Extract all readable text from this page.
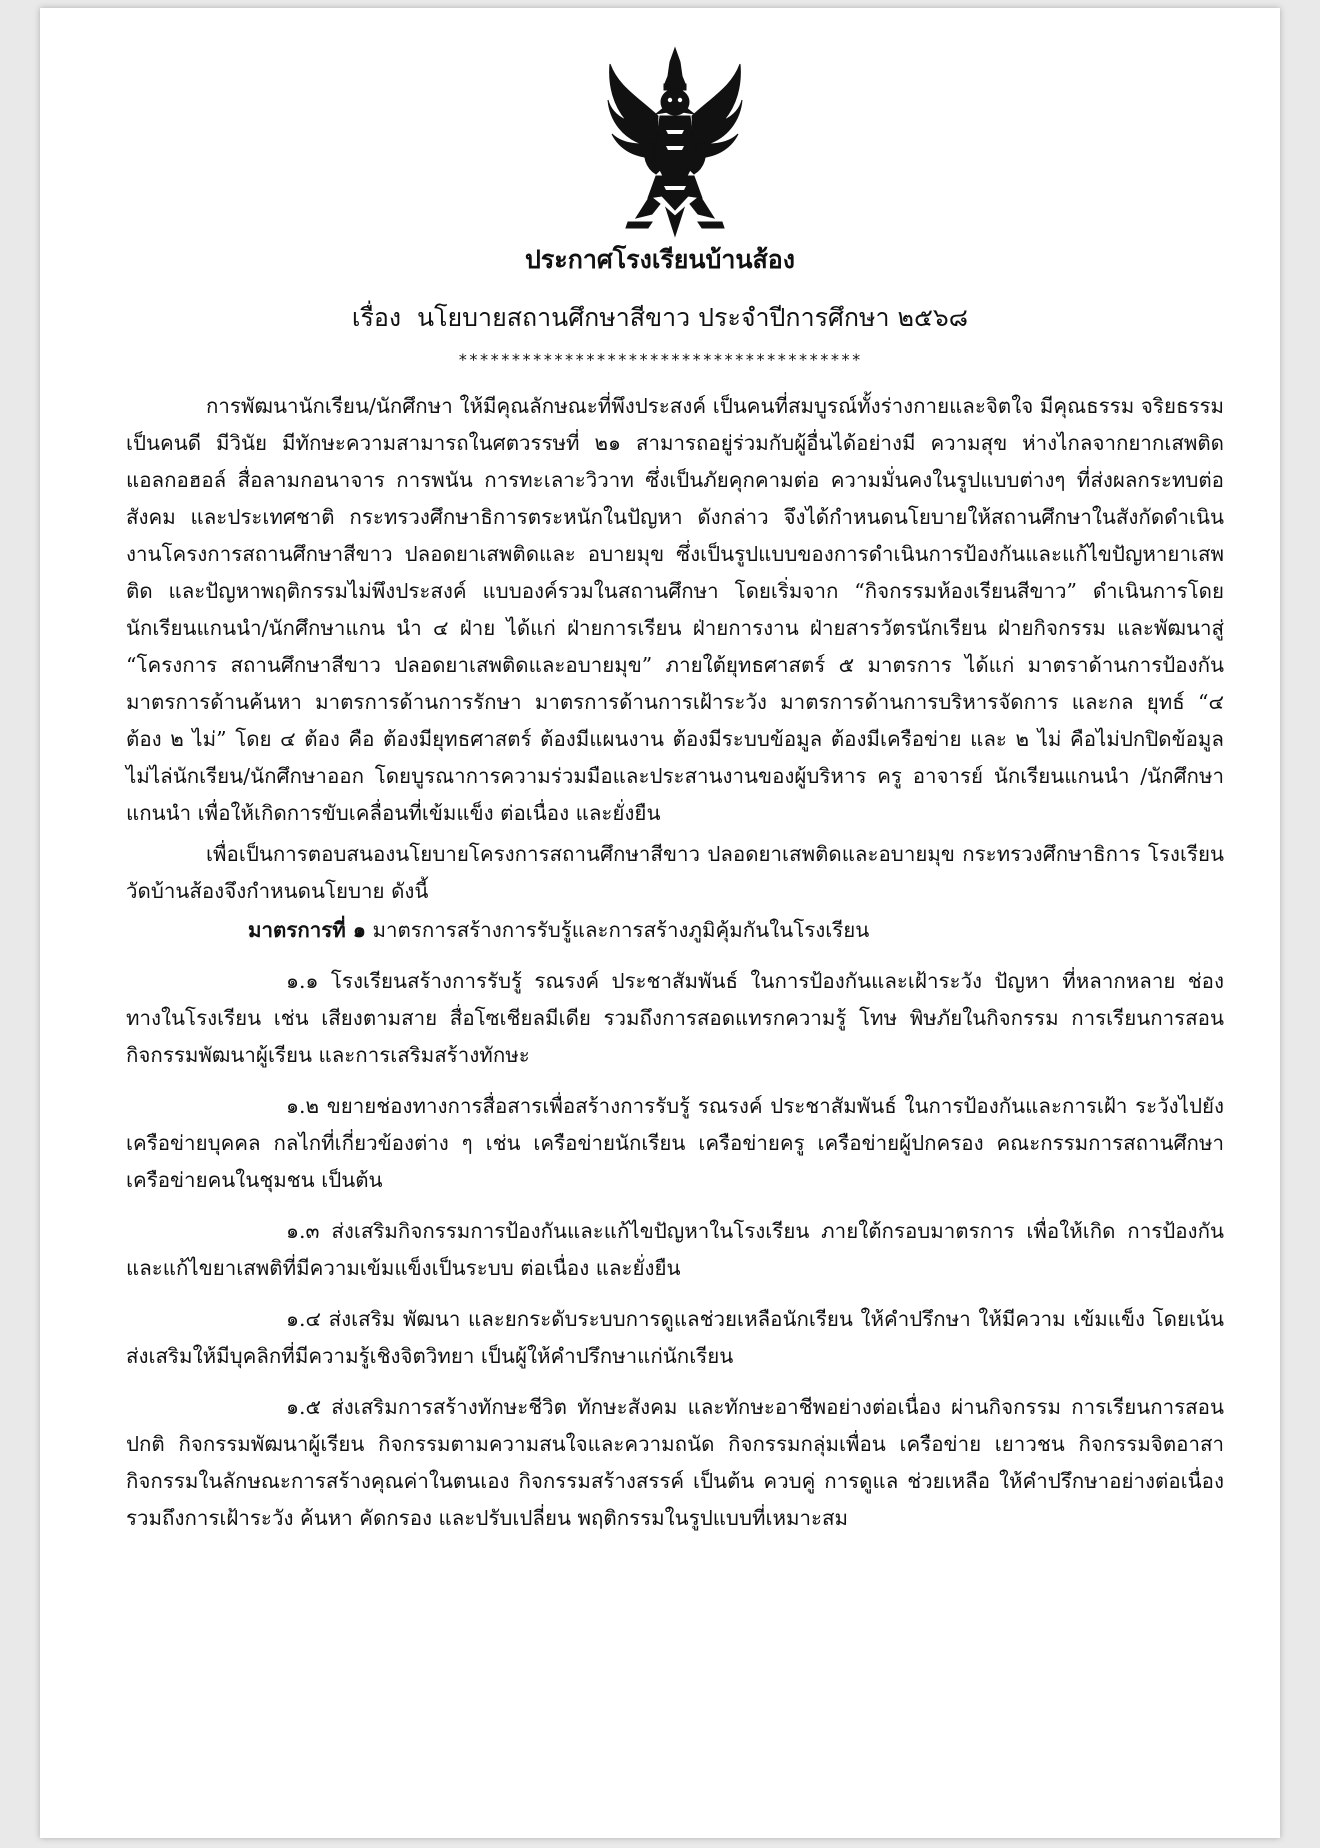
ประกาศโรงเรียนบ้านส้อง
เรื่อง  นโยบายสถานศึกษาสีขาว ประจำปีการศึกษา ๒๕๖๘
**************************************

การพัฒนานักเรียน/นักศึกษา ให้มีคุณลักษณะที่พึงประสงค์ เป็นคนที่สมบูรณ์ทั้งร่างกายและจิตใจ มีคุณธรรม จริยธรรม เป็นคนดี มีวินัย มีทักษะความสามารถในศตวรรษที่ ๒๑ สามารถอยู่ร่วมกับผู้อื่นได้อย่างมี ความสุข ห่างไกลจากยากเสพติด แอลกอฮอล์ สื่อลามกอนาจาร การพนัน การทะเลาะวิวาท ซึ่งเป็นภัยคุกคามต่อ ความมั่นคงในรูปแบบต่างๆ ที่ส่งผลกระทบต่อสังคม และประเทศชาติ กระทรวงศึกษาธิการตระหนักในปัญหา ดังกล่าว จึงได้กำหนดนโยบายให้สถานศึกษาในสังกัดดำเนินงานโครงการสถานศึกษาสีขาว ปลอดยาเสพติดและ อบายมุข ซึ่งเป็นรูปแบบของการดำเนินการป้องกันและแก้ไขปัญหายาเสพติด และปัญหาพฤติกรรมไม่พึงประสงค์ แบบองค์รวมในสถานศึกษา โดยเริ่มจาก “กิจกรรมห้องเรียนสีขาว” ดำเนินการโดยนักเรียนแกนนำ/นักศึกษาแกน นำ ๔ ฝ่าย ได้แก่ ฝ่ายการเรียน ฝ่ายการงาน ฝ่ายสารวัตรนักเรียน ฝ่ายกิจกรรม และพัฒนาสู่ “โครงการ สถานศึกษาสีขาว ปลอดยาเสพติดและอบายมุข” ภายใต้ยุทธศาสตร์ ๕ มาตรการ ได้แก่ มาตราด้านการป้องกัน มาตรการด้านค้นหา มาตรการด้านการรักษา มาตรการด้านการเฝ้าระวัง มาตรการด้านการบริหารจัดการ และกล ยุทธ์ “๔ ต้อง ๒ ไม่” โดย ๔ ต้อง คือ ต้องมียุทธศาสตร์ ต้องมีแผนงาน ต้องมีระบบข้อมูล ต้องมีเครือข่าย และ ๒ ไม่ คือไม่ปกปิดข้อมูล ไม่ไล่นักเรียน/นักศึกษาออก โดยบูรณาการความร่วมมือและประสานงานของผู้บริหาร ครู อาจารย์ นักเรียนแกนนำ /นักศึกษาแกนนำ เพื่อให้เกิดการขับเคลื่อนที่เข้มแข็ง ต่อเนื่อง และยั่งยืน

เพื่อเป็นการตอบสนองนโยบายโครงการสถานศึกษาสีขาว ปลอดยาเสพติดและอบายมุข กระทรวงศึกษาธิการ โรงเรียนวัดบ้านส้องจึงกำหนดนโยบาย ดังนี้

มาตรการที่ ๑ มาตรการสร้างการรับรู้และการสร้างภูมิคุ้มกันในโรงเรียน

๑.๑ โรงเรียนสร้างการรับรู้ รณรงค์ ประชาสัมพันธ์ ในการป้องกันและเฝ้าระวัง ปัญหา ที่หลากหลาย ช่องทางในโรงเรียน เช่น เสียงตามสาย สื่อโซเชียลมีเดีย รวมถึงการสอดแทรกความรู้ โทษ พิษภัยในกิจกรรม การเรียนการสอน กิจกรรมพัฒนาผู้เรียน และการเสริมสร้างทักษะ

๑.๒ ขยายช่องทางการสื่อสารเพื่อสร้างการรับรู้ รณรงค์ ประชาสัมพันธ์ ในการป้องกันและการเฝ้า ระวังไปยังเครือข่ายบุคคล กลไกที่เกี่ยวข้องต่าง ๆ เช่น เครือข่ายนักเรียน เครือข่ายครู เครือข่ายผู้ปกครอง คณะกรรมการสถานศึกษา เครือข่ายคนในชุมชน เป็นต้น

๑.๓ ส่งเสริมกิจกรรมการป้องกันและแก้ไขปัญหาในโรงเรียน ภายใต้กรอบมาตรการ เพื่อให้เกิด การป้องกันและแก้ไขยาเสพติที่มีความเข้มแข็งเป็นระบบ ต่อเนื่อง และยั่งยืน

๑.๔ ส่งเสริม พัฒนา และยกระดับระบบการดูแลช่วยเหลือนักเรียน ให้คำปรึกษา ให้มีความ เข้มแข็ง โดยเน้นส่งเสริมให้มีบุคลิกที่มีความรู้เชิงจิตวิทยา เป็นผู้ให้คำปรึกษาแก่นักเรียน

๑.๕ ส่งเสริมการสร้างทักษะชีวิต ทักษะสังคม และทักษะอาชีพอย่างต่อเนื่อง ผ่านกิจกรรม การเรียนการสอนปกติ กิจกรรมพัฒนาผู้เรียน กิจกรรมตามความสนใจและความถนัด กิจกรรมกลุ่มเพื่อน เครือข่าย เยาวชน กิจกรรมจิตอาสา กิจกรรมในลักษณะการสร้างคุณค่าในตนเอง กิจกรรมสร้างสรรค์ เป็นต้น ควบคู่ การดูแล ช่วยเหลือ ให้คำปรึกษาอย่างต่อเนื่อง รวมถึงการเฝ้าระวัง ค้นหา คัดกรอง และปรับเปลี่ยน พฤติกรรมในรูปแบบที่เหมาะสม
